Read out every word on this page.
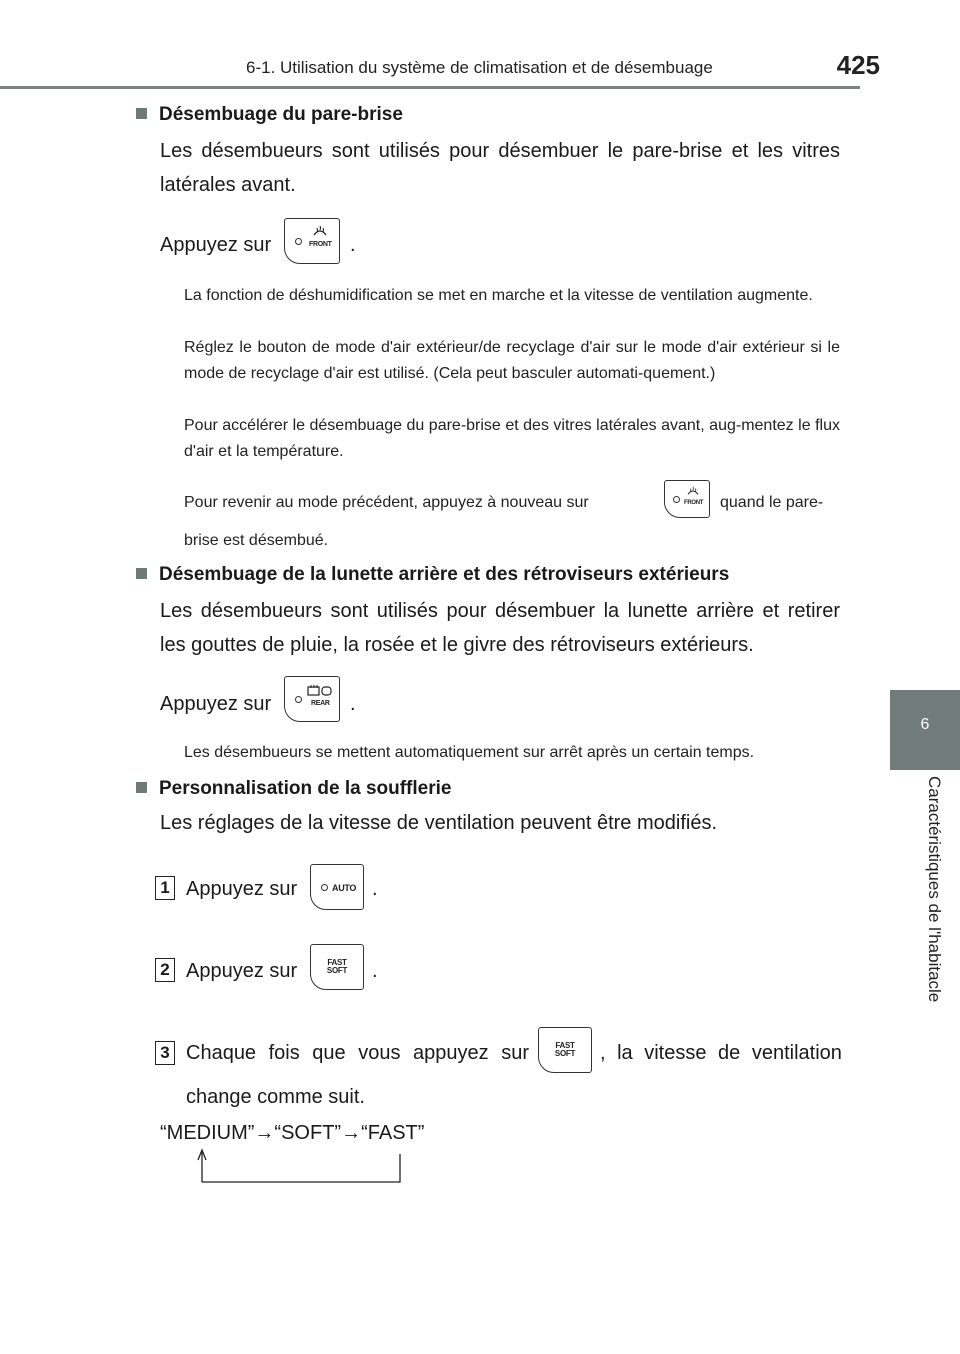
6-1. Utilisation du système de climatisation et de désembuage	425
6
Caractéristiques de l'habitacle
Désembuage du pare-brise
Les désembueurs sont utilisés pour désembuer le pare-brise et les vitres latérales avant.
Appuyez sur	FRONT .
La fonction de déshumidification se met en marche et la vitesse de ventilation augmente.
Réglez le bouton de mode d'air extérieur/de recyclage d'air sur le mode d'air extérieur si le mode de recyclage d'air est utilisé. (Cela peut basculer automati-quement.)
Pour accélérer le désembuage du pare-brise et des vitres latérales avant, aug-mentez le flux d'air et la température.
Pour revenir au mode précédent, appuyez à nouveau sur	FRONT quand le pare-
brise est désembué.
Désembuage de la lunette arrière et des rétroviseurs extérieurs
Les désembueurs sont utilisés pour désembuer la lunette arrière et retirer les gouttes de pluie, la rosée et le givre des rétroviseurs extérieurs.
Appuyez sur	REAR .
Les désembueurs se mettent automatiquement sur arrêt après un certain temps.
Personnalisation de la soufflerie
Les réglages de la vitesse de ventilation peuvent être modifiés.
1 Appuyez sur	AUTO .
2 Appuyez sur	FAST
SOFT	.
3 Chaque fois que vous appuyez sur	FAST
SOFT	, la vitesse de ventilation
change comme suit.
“MEDIUM”→“SOFT”→“FAST”
